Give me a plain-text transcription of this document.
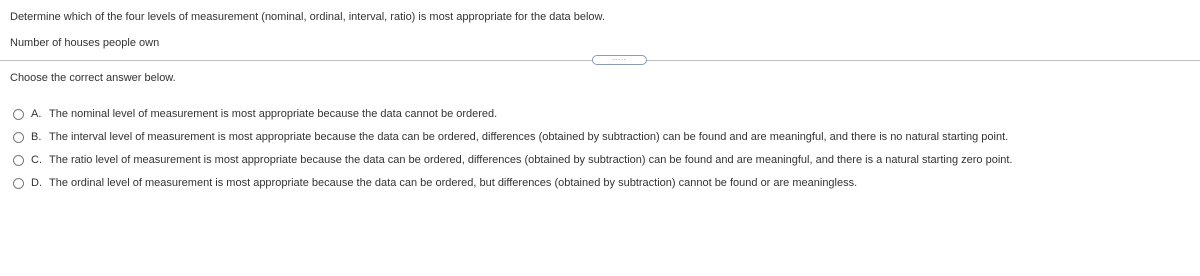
Determine which of the four levels of measurement (nominal, ordinal, interval, ratio) is most appropriate for the data below.
Number of houses people own
.....
Choose the correct answer below.
A. The nominal level of measurement is most appropriate because the data cannot be ordered.
B. The interval level of measurement is most appropriate because the data can be ordered, differences (obtained by subtraction) can be found and are meaningful, and there is no natural starting point.
C. The ratio level of measurement is most appropriate because the data can be ordered, differences (obtained by subtraction) can be found and are meaningful, and there is a natural starting zero point.
D. The ordinal level of measurement is most appropriate because the data can be ordered, but differences (obtained by subtraction) cannot be found or are meaningless.
